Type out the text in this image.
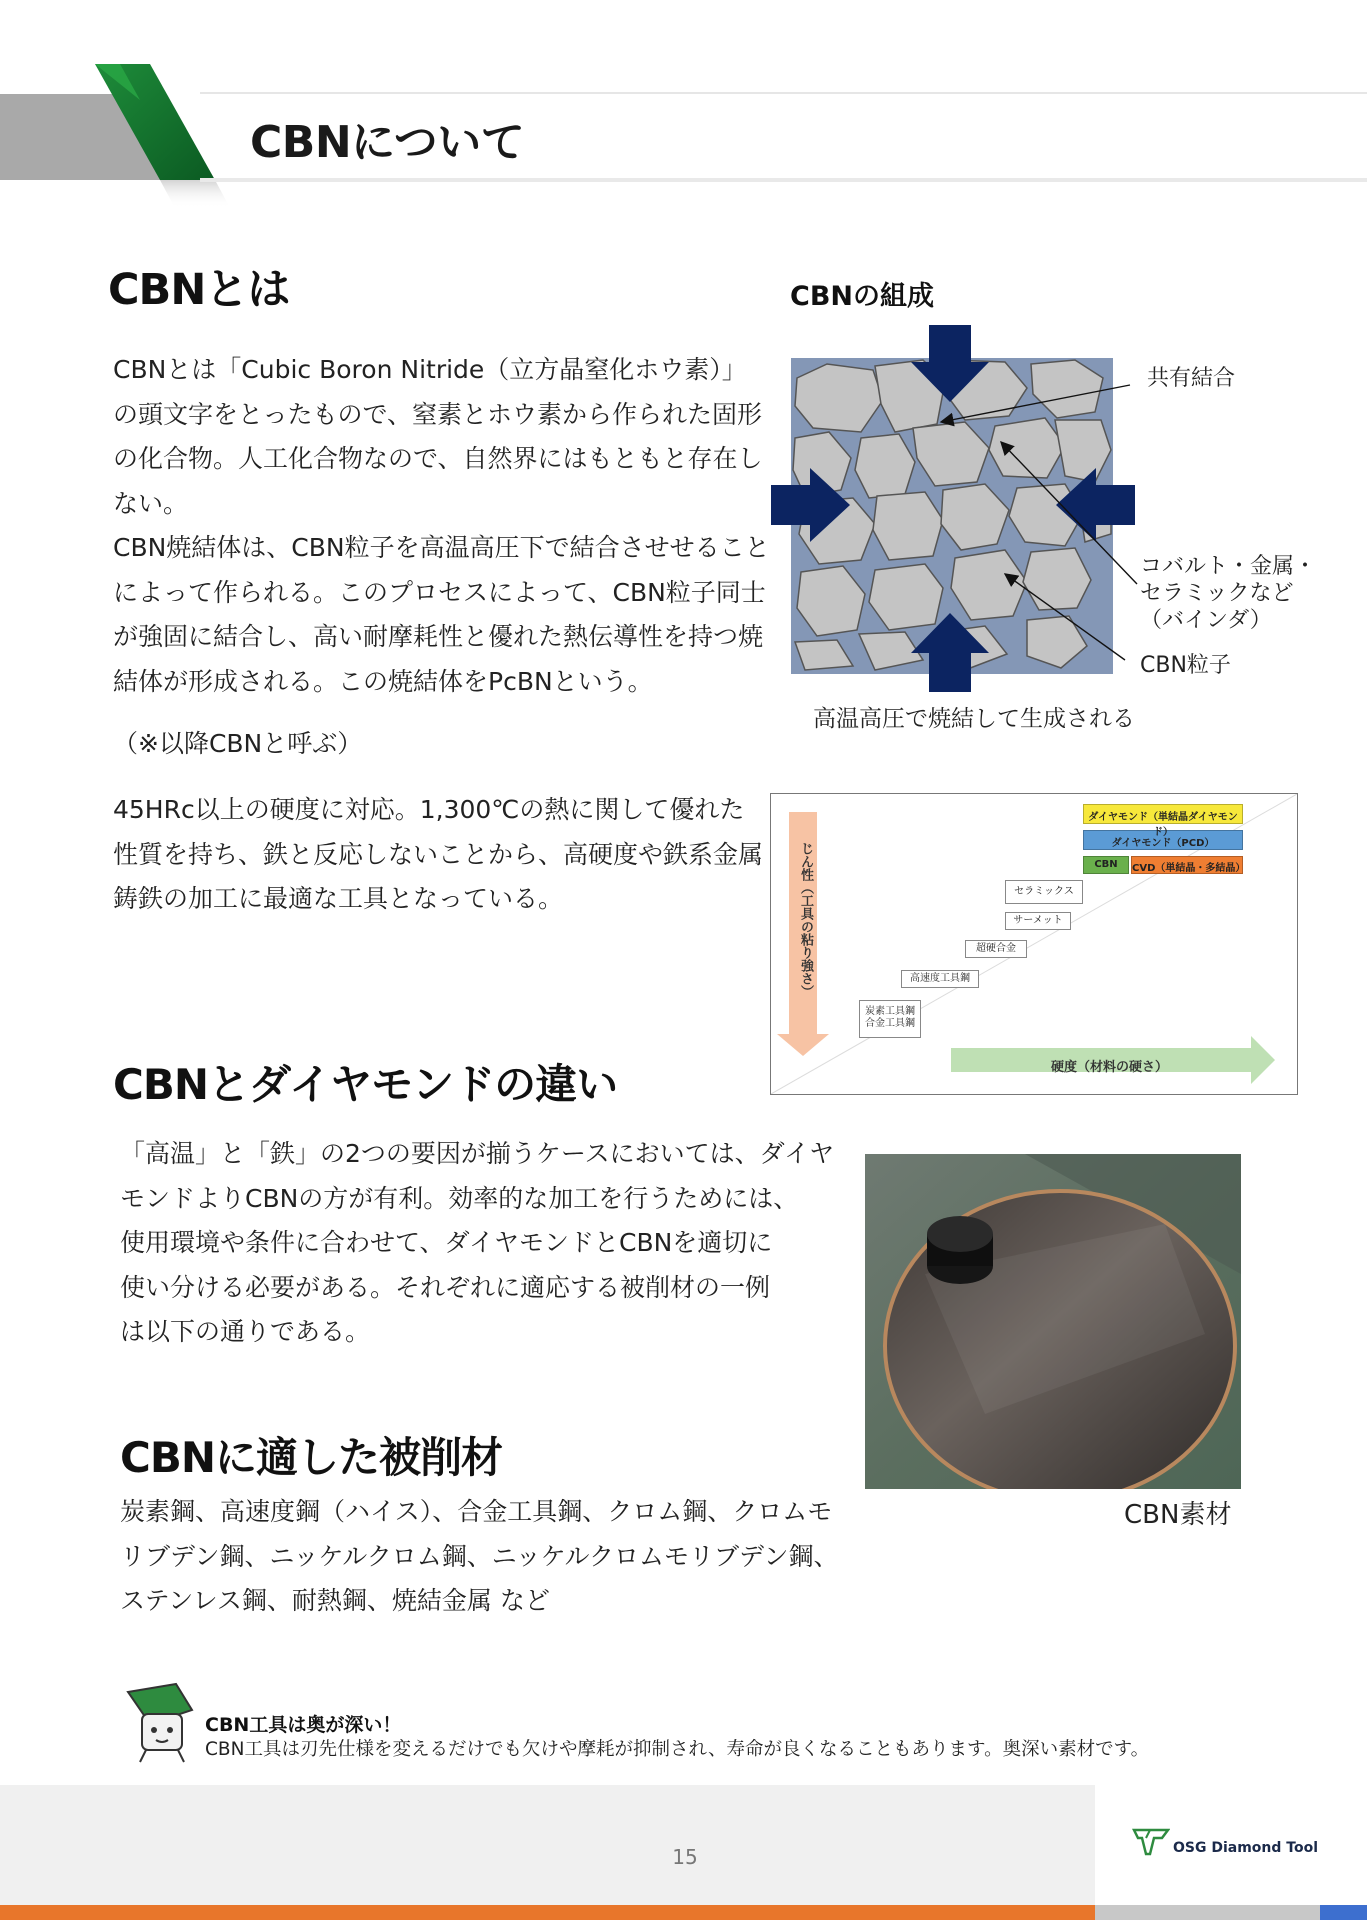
CBNについて
CBNとは

CBNとは「Cubic Boron Nitride（立方晶窒化ホウ素）」

の頭文字をとったもので、窒素とホウ素から作られた固形

の化合物。人工化合物なので、自然界にはもともと存在し

ない。

CBN焼結体は、CBN粒子を高温高圧下で結合させせること

によって作られる。このプロセスによって、CBN粒子同士

が強固に結合し、高い耐摩耗性と優れた熱伝導性を持つ焼

結体が形成される。この焼結体をPcBNという。

（※以降CBNと呼ぶ）

45HRc以上の硬度に対応。1,300℃の熱に関して優れた

性質を持ち、鉄と反応しないことから、高硬度や鉄系金属

鋳鉄の加工に最適な工具となっている。

CBNの組成
共有結合
コバルト・金属・
セラミックなど
（バインダ）
CBN粒子
高温高圧で焼結して生成される
じん性（工具の粘り強さ）
硬度（材料の硬さ）
炭素工具鋼
合金工具鋼
高速度工具鋼
超硬合金
サーメット
セラミックス
CBN	CVD（単結晶・多結晶）
ダイヤモンド（PCD）
ダイヤモンド（単結晶ダイヤモンド）
CBNとダイヤモンドの違い

「高温」と「鉄」の2つの要因が揃うケースにおいては、ダイヤ

モンドよりCBNの方が有利。効率的な加工を行うためには、

使用環境や条件に合わせて、ダイヤモンドとCBNを適切に

使い分ける必要がある。それぞれに適応する被削材の一例

は以下の通りである。

CBN素材
CBNに適した被削材

炭素鋼、高速度鋼（ハイス）、合金工具鋼、クロム鋼、クロムモ

リブデン鋼、ニッケルクロム鋼、ニッケルクロムモリブデン鋼、

ステンレス鋼、耐熱鋼、焼結金属 など

CBN工具は奥が深い！
CBN工具は刃先仕様を変えるだけでも欠けや摩耗が抑制され、寿命が良くなることもあります。奥深い素材です。
15	OSG Diamond Tool
